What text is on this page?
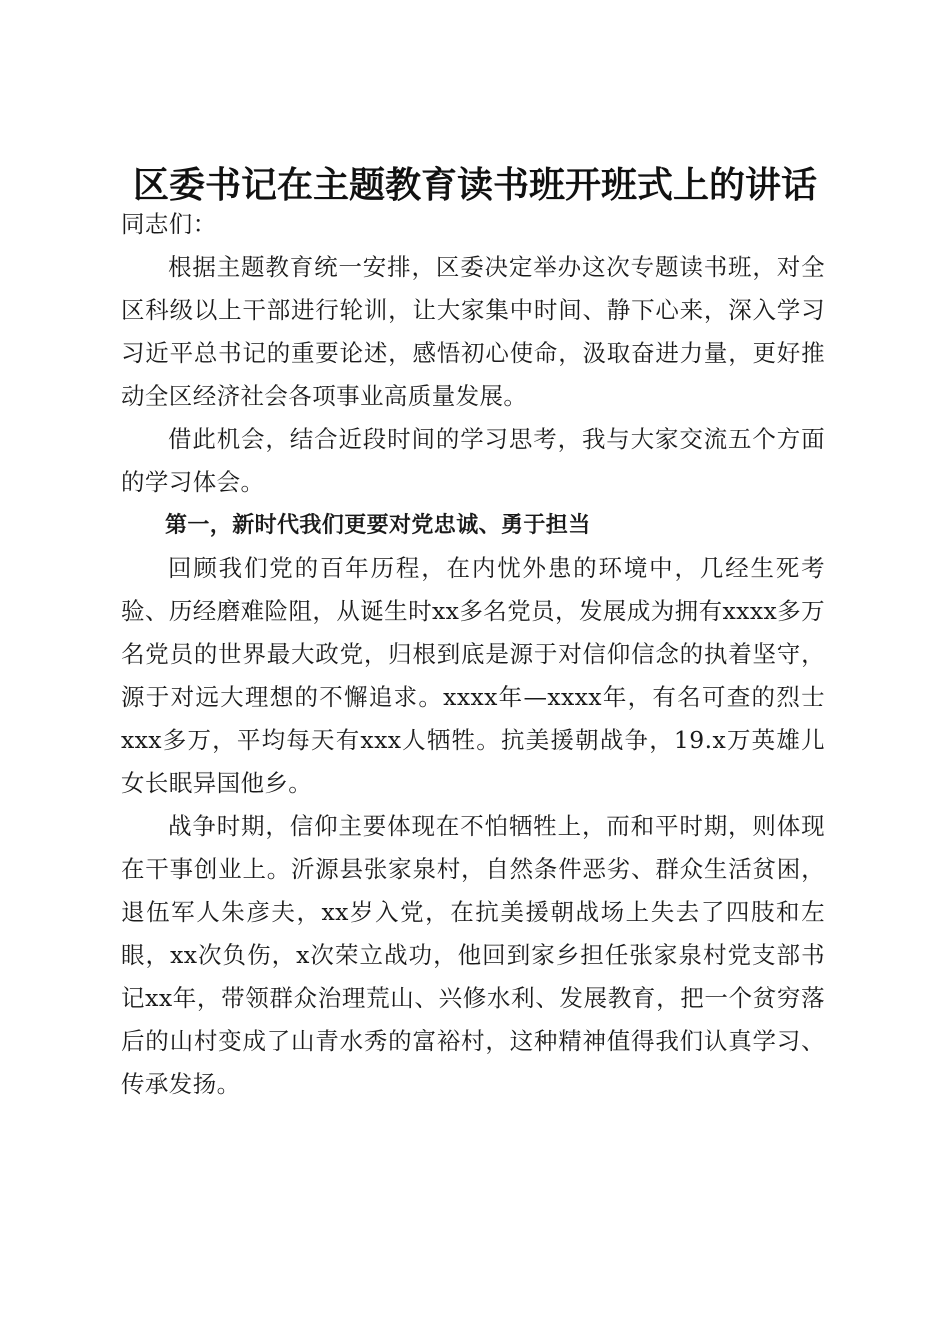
区委书记在主题教育读书班开班式上的讲话

同志们：

根据主题教育统一安排，区委决定举办这次专题读书班，对全区科级以上干部进行轮训，让大家集中时间、静下心来，深入学习习近平总书记的重要论述，感悟初心使命，汲取奋进力量，更好推动全区经济社会各项事业高质量发展。

借此机会，结合近段时间的学习思考，我与大家交流五个方面的学习体会。

第一，新时代我们更要对党忠诚、勇于担当

回顾我们党的百年历程，在内忧外患的环境中，几经生死考验、历经磨难险阻，从诞生时xx多名党员，发展成为拥有xxxx多万名党员的世界最大政党，归根到底是源于对信仰信念的执着坚守，源于对远大理想的不懈追求。xxxx年—xxxx年，有名可查的烈士xxx多万，平均每天有xxx人牺牲。抗美援朝战争，19.x万英雄儿女长眠异国他乡。

战争时期，信仰主要体现在不怕牺牲上，而和平时期，则体现在干事创业上。沂源县张家泉村，自然条件恶劣、群众生活贫困，退伍军人朱彦夫，xx岁入党，在抗美援朝战场上失去了四肢和左眼，xx次负伤，x次荣立战功，他回到家乡担任张家泉村党支部书记xx年，带领群众治理荒山、兴修水利、发展教育，把一个贫穷落后的山村变成了山青水秀的富裕村，这种精神值得我们认真学习、传承发扬。
